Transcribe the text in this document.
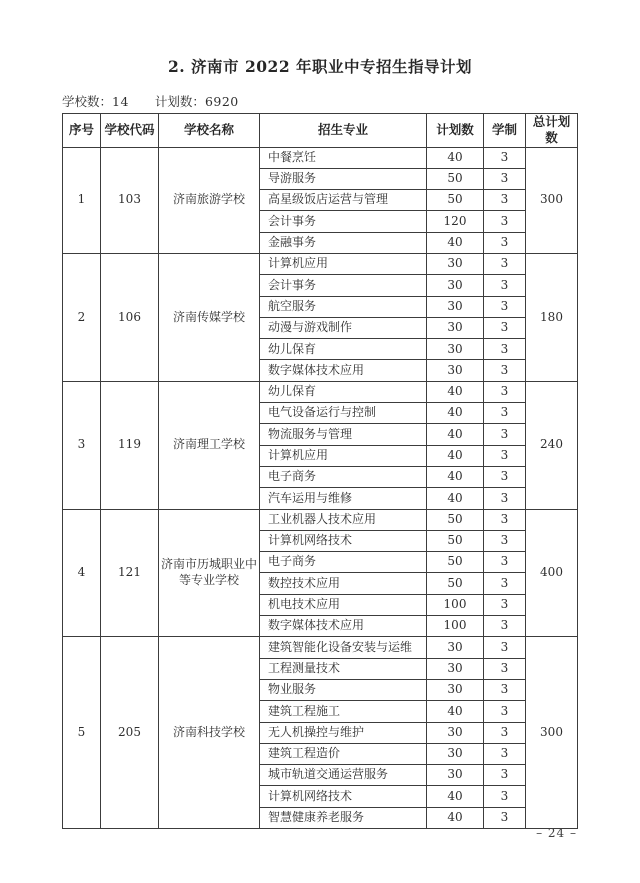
2. 济南市 2022 年职业中专招生指导计划
学校数：14 计划数：6920
序号	学校代码	学校名称	招生专业	计划数	学制	总计划数
1	103	济南旅游学校	中餐烹饪	40	3	300
			导游服务	50	3	
			高星级饭店运营与管理	50	3	
			会计事务	120	3	
			金融事务	40	3	
2	106	济南传媒学校	计算机应用	30	3	180
			会计事务	30	3	
			航空服务	30	3	
			动漫与游戏制作	30	3	
			幼儿保育	30	3	
			数字媒体技术应用	30	3	
3	119	济南理工学校	幼儿保育	40	3	240
			电气设备运行与控制	40	3	
			物流服务与管理	40	3	
			计算机应用	40	3	
			电子商务	40	3	
			汽车运用与维修	40	3	
4	121	济南市历城职业中等专业学校	工业机器人技术应用	50	3	400
			计算机网络技术	50	3	
			电子商务	50	3	
			数控技术应用	50	3	
			机电技术应用	100	3	
			数字媒体技术应用	100	3	
5	205	济南科技学校	建筑智能化设备安装与运维	30	3	300
			工程测量技术	30	3	
			物业服务	30	3	
			建筑工程施工	40	3	
			无人机操控与维护	30	3	
			建筑工程造价	30	3	
			城市轨道交通运营服务	30	3	
			计算机网络技术	40	3	
			智慧健康养老服务	40	3	
– 24 –
